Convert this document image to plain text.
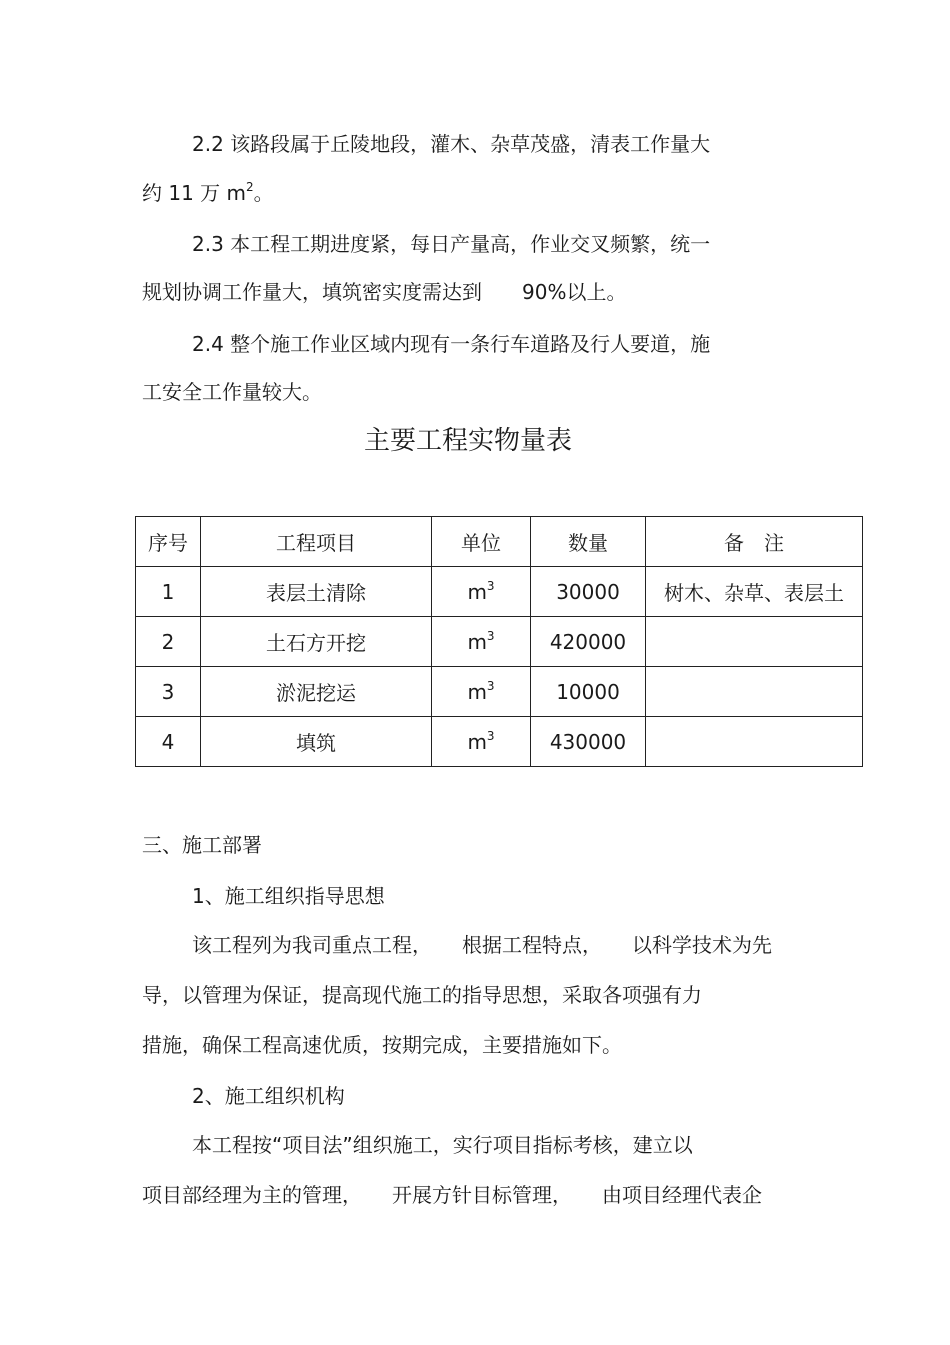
2.2 该路段属于丘陵地段，灌木、杂草茂盛，清表工作量大
约 11 万 $m^2$。
2.3 本工程工期进度紧，每日产量高，作业交叉频繁，统一
规划协调工作量大，填筑密实度需达到 90%以上。
2.4 整个施工作业区域内现有一条行车道路及行人要道，施
工安全工作量较大。
主要工程实物量表
序号	工程项目	单位	数量	备　注
1	表层土清除	$m^3$	30000	树木、杂草、表层土
2	土石方开挖	$m^3$	420000	
3	淤泥挖运	$m^3$	10000	
4	填筑	$m^3$	430000	
三、施工部署
1、施工组织指导思想
该工程列为我司重点工程， 根据工程特点， 以科学技术为先
导，以管理为保证，提高现代施工的指导思想，采取各项强有力
措施，确保工程高速优质，按期完成，主要措施如下。
2、施工组织机构
本工程按“项目法”组织施工，实行项目指标考核，建立以
项目部经理为主的管理， 开展方针目标管理， 由项目经理代表企
